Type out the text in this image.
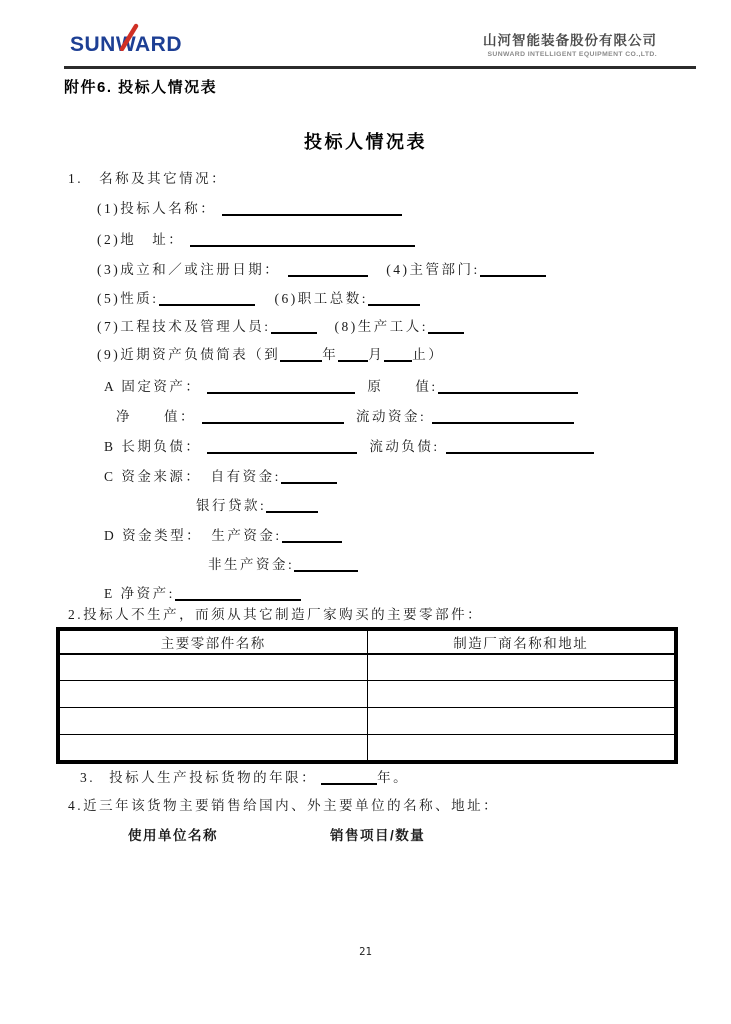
SUNWARD	山河智能装备股份有限公司
SUNWARD INTELLIGENT EQUIPMENT CO.,LTD.
附件6. 投标人情况表
投标人情况表
主要零部件名称	制造厂商名称和地址

21
1. 名称及其它情况：
(1)投标人名称：
(2)地　址：
(3)成立和／或注册日期：	(4)主管部门:
(5)性质:	(6)职工总数:
(7)工程技术及管理人员:	(8)生产工人:
(9)近期资产负债简表（到	年 月 止）
A 固定资产：	原　　值:
净　　值：	流动资金:
B 长期负债：	流动负债:
C 资金来源：　自有资金:
银行贷款:
D 资金类型：　生产资金:
非生产资金:
E 净资产:
2.投标人不生产，而须从其它制造厂家购买的主要零部件：
3. 投标人生产投标货物的年限：	年。
4.近三年该货物主要销售给国内、外主要单位的名称、地址：
使用单位名称	销售项目/数量
